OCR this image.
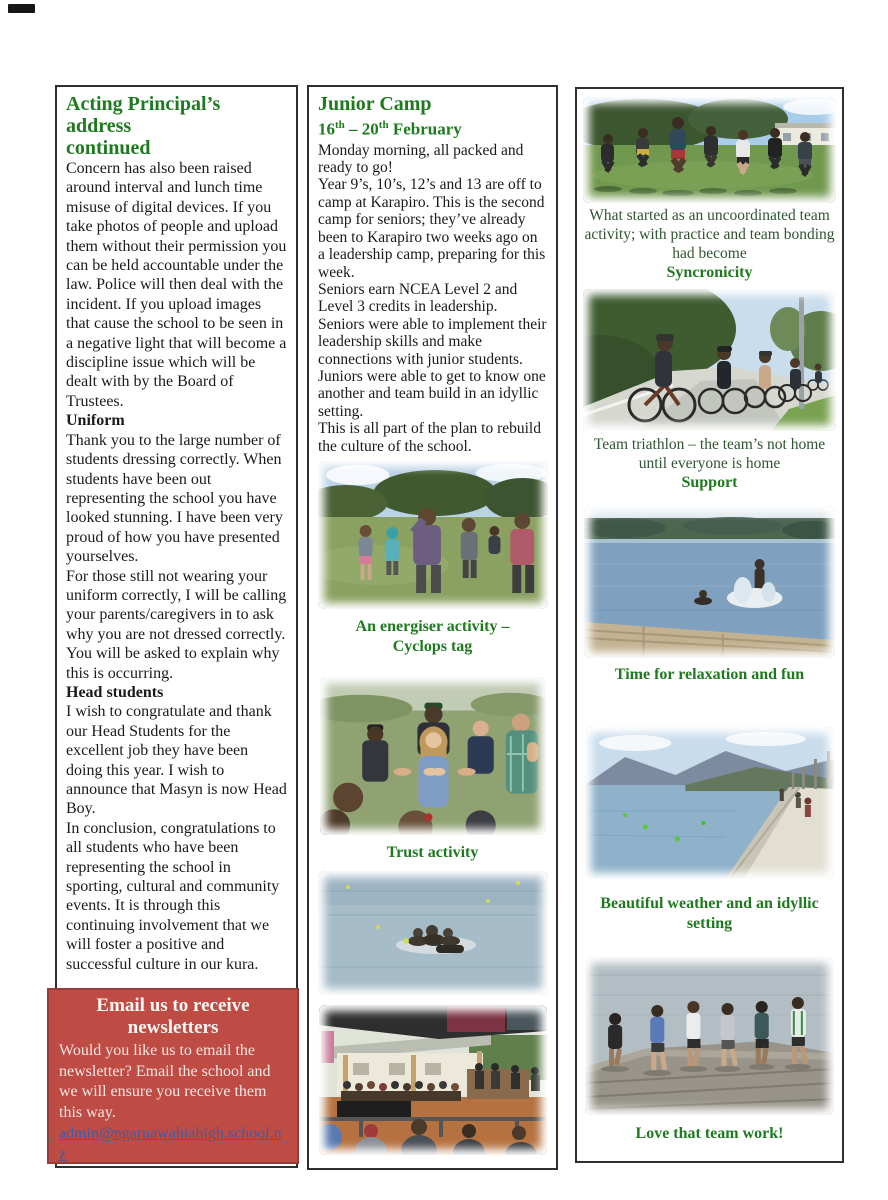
Acting Principal’s address
continued

Concern has also been raised around interval and lunch time misuse of digital devices. If you take photos of people and upload them without their permission you can be held accountable under the law. Police will then deal with the incident. If you upload images that cause the school to be seen in a negative light that will become a discipline issue which will be dealt with by the Board of Trustees.

Uniform

Thank you to the large number of students dressing correctly. When students have been out representing the school you have looked stunning. I have been very proud of how you have presented yourselves.

For those still not wearing your uniform correctly, I will be calling your parents/caregivers in to ask why you are not dressed correctly. You will be asked to explain why this is occurring.

Head students

I wish to congratulate and thank our Head Students for the excellent job they have been doing this year. I wish to announce that Masyn is now Head Boy.

In conclusion, congratulations to all students who have been representing the school in sporting, cultural and community events. It is through this continuing involvement that we will foster a positive and successful culture in our kura.

Email us to receive newsletters

Would you like us to email the newsletter? Email the school and we will ensure you receive them this way.

admin@ngaruawahiahigh.school.nz
Junior Camp
16th – 20th February

Monday morning, all packed and ready to go!

Year 9’s, 10’s, 12’s and 13 are off to camp at Karapiro. This is the second camp for seniors; they’ve already been to Karapiro two weeks ago on a leadership camp, preparing for this week.

Seniors earn NCEA Level 2 and Level 3 credits in leadership.

Seniors were able to implement their leadership skills and make connections with junior students.

Juniors were able to get to know one another and team build in an idyllic setting.

This is all part of the plan to rebuild the culture of the school.

An energiser activity –

Cyclops tag

Trust activity

What started as an uncoordinated team activity; with practice and team bonding had become
Syncronicity
Team triathlon – the team’s not home until everyone is home
Support

Time for relaxation and fun

Beautiful weather and an idyllic setting

Love that team work!
